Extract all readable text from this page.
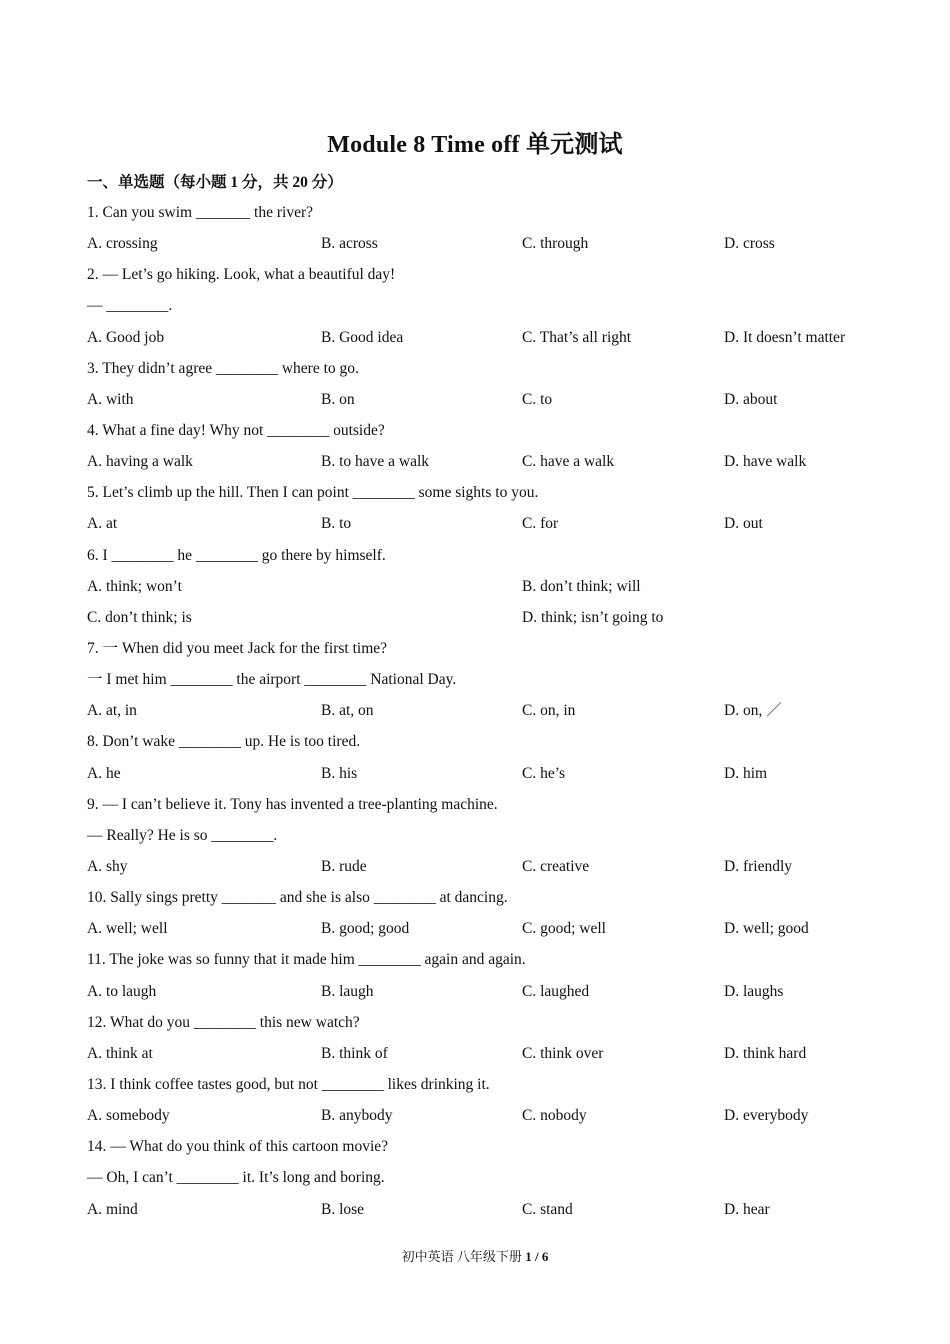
Module 8 Time off 单元测试
一、单选题（每小题 1 分，共 20 分）
1. Can you swim _______ the river?
A. crossing	B. across	C. through	D. cross
2. — Let’s go hiking. Look, what a beautiful day!
— ________.
A. Good job	B. Good idea	C. That’s all right	D. It doesn’t matter
3. They didn’t agree ________ where to go.
A. with	B. on	C. to	D. about
4. What a fine day! Why not ________ outside?
A. having a walk	B. to have a walk	C. have a walk	D. have walk
5. Let’s climb up the hill. Then I can point ________ some sights to you.
A. at	B. to	C. for	D. out
6. I ________ he ________ go there by himself.
A. think; won’t	B. don’t think; will
C. don’t think; is	D. think; isn’t going to
7. 一 When did you meet Jack for the first time?
一 I met him ________ the airport ________ National Day.
A. at, in	B. at, on	C. on, in	D. on, ／
8. Don’t wake ________ up. He is too tired.
A. he	B. his	C. he’s	D. him
9. — I can’t believe it. Tony has invented a tree-planting machine.
— Really? He is so ________.
A. shy	B. rude	C. creative	D. friendly
10. Sally sings pretty _______ and she is also ________ at dancing.
A. well; well	B. good; good	C. good; well	D. well; good
11. The joke was so funny that it made him ________ again and again.
A. to laugh	B. laugh	C. laughed	D. laughs
12. What do you ________ this new watch?
A. think at	B. think of	C. think over	D. think hard
13. I think coffee tastes good, but not ________ likes drinking it.
A. somebody	B. anybody	C. nobody	D. everybody
14. — What do you think of this cartoon movie?
— Oh, I can’t ________ it. It’s long and boring.
A. mind	B. lose	C. stand	D. hear
初中英语 八年级下册 1 / 6
